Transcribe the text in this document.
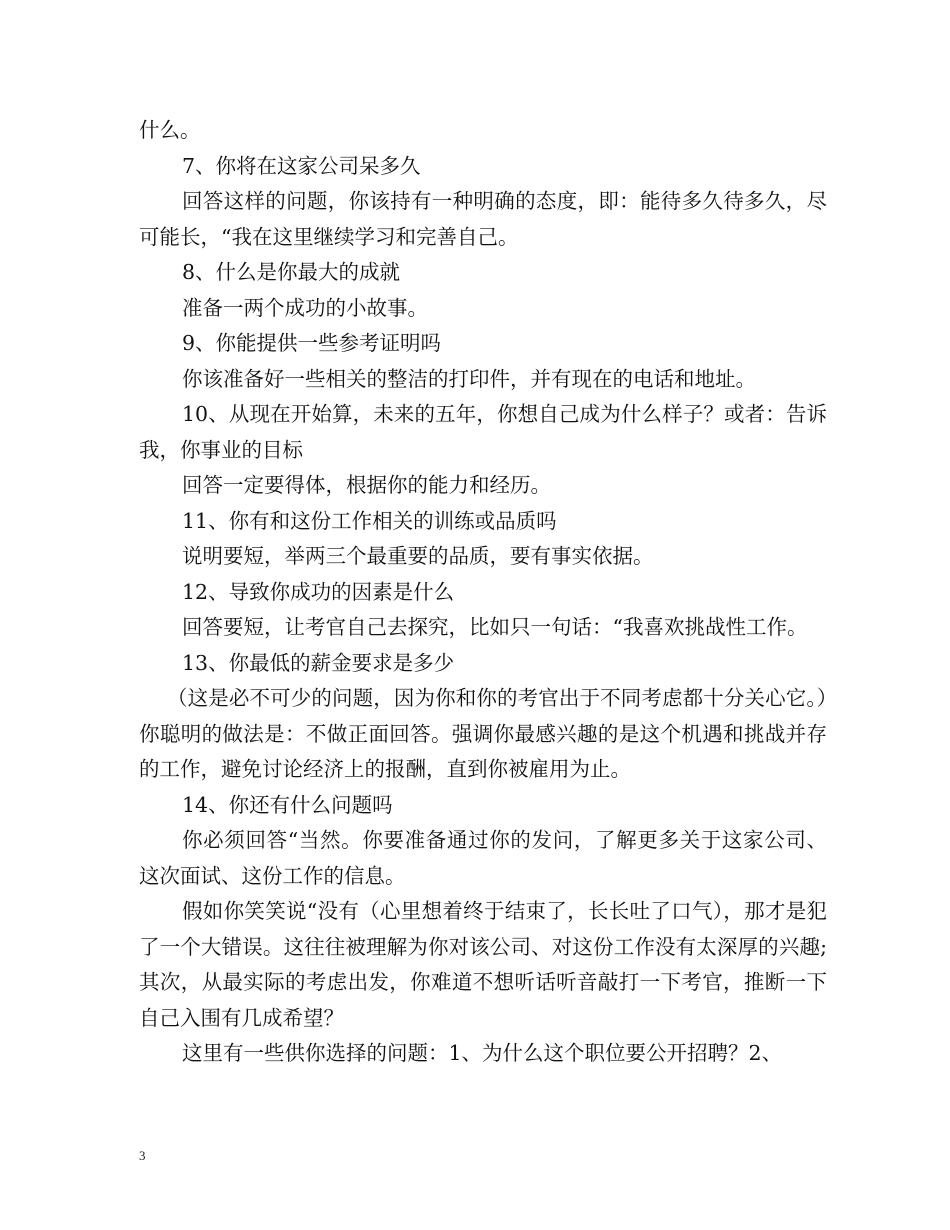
什么。

7、你将在这家公司呆多久

回答这样的问题，你该持有一种明确的态度，即：能待多久待多久，尽可能长，“我在这里继续学习和完善自己。

8、什么是你最大的成就

准备一两个成功的小故事。

9、你能提供一些参考证明吗

你该准备好一些相关的整洁的打印件，并有现在的电话和地址。

10、从现在开始算，未来的五年，你想自己成为什么样子？或者：告诉我，你事业的目标

回答一定要得体，根据你的能力和经历。

11、你有和这份工作相关的训练或品质吗

说明要短，举两三个最重要的品质，要有事实依据。

12、导致你成功的因素是什么

回答要短，让考官自己去探究，比如只一句话：“我喜欢挑战性工作。

13、你最低的薪金要求是多少

（这是必不可少的问题，因为你和你的考官出于不同考虑都十分关心它。）你聪明的做法是：不做正面回答。强调你最感兴趣的是这个机遇和挑战并存的工作，避免讨论经济上的报酬，直到你被雇用为止。

14、你还有什么问题吗

你必须回答“当然。你要准备通过你的发问，了解更多关于这家公司、这次面试、这份工作的信息。

假如你笑笑说“没有（心里想着终于结束了，长长吐了口气），那才是犯了一个大错误。这往往被理解为你对该公司、对这份工作没有太深厚的兴趣;其次，从最实际的考虑出发，你难道不想听话听音敲打一下考官，推断一下自己入围有几成希望？

这里有一些供你选择的问题：1、为什么这个职位要公开招聘？2、

3
